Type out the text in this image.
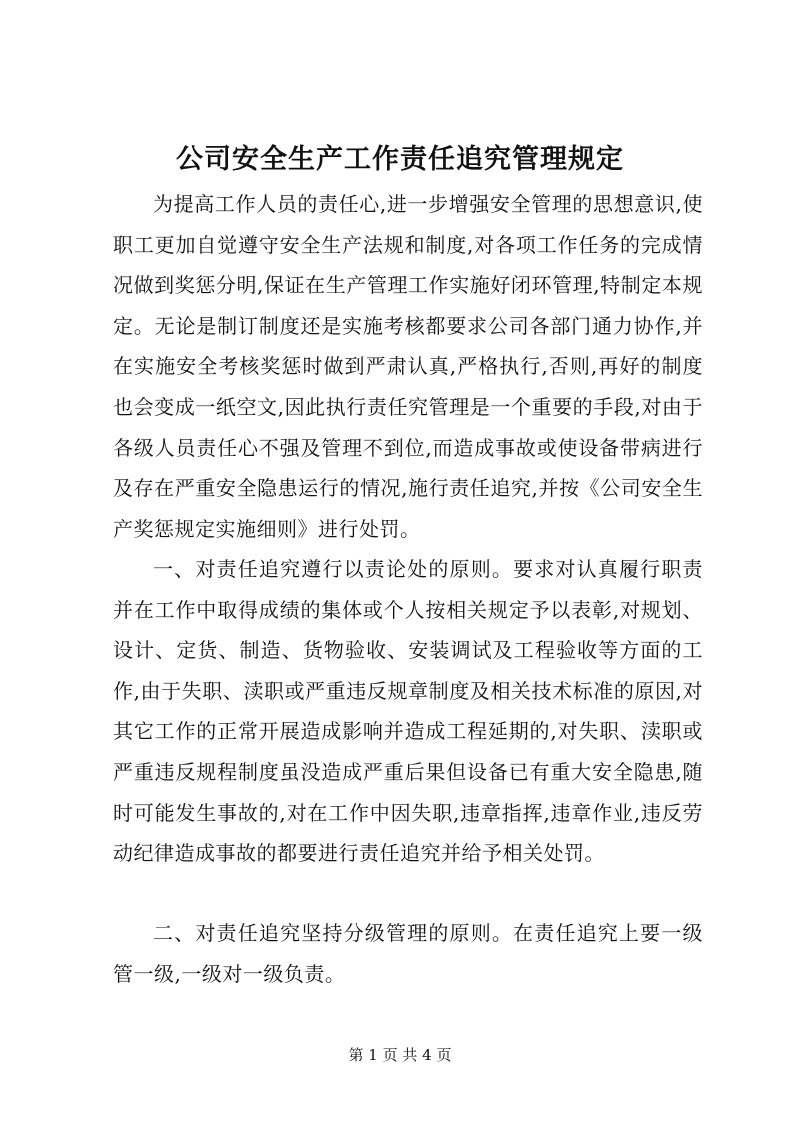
公司安全生产工作责任追究管理规定

为提高工作人员的责任心,进一步增强安全管理的思想意识,使职工更加自觉遵守安全生产法规和制度,对各项工作任务的完成情况做到奖惩分明,保证在生产管理工作实施好闭环管理,特制定本规定。无论是制订制度还是实施考核都要求公司各部门通力协作,并在实施安全考核奖惩时做到严肃认真,严格执行,否则,再好的制度也会变成一纸空文,因此执行责任究管理是一个重要的手段,对由于各级人员责任心不强及管理不到位,而造成事故或使设备带病进行及存在严重安全隐患运行的情况,施行责任追究,并按《公司安全生产奖惩规定实施细则》进行处罚。

一、对责任追究遵行以责论处的原则。要求对认真履行职责并在工作中取得成绩的集体或个人按相关规定予以表彰,对规划、设计、定货、制造、货物验收、安装调试及工程验收等方面的工作,由于失职、渎职或严重违反规章制度及相关技术标准的原因,对其它工作的正常开展造成影响并造成工程延期的,对失职、渎职或严重违反规程制度虽没造成严重后果但设备已有重大安全隐患,随时可能发生事故的,对在工作中因失职,违章指挥,违章作业,违反劳动纪律造成事故的都要进行责任追究并给予相关处罚。

二、对责任追究坚持分级管理的原则。在责任追究上要一级管一级,一级对一级负责。

第 1 页 共 4 页
